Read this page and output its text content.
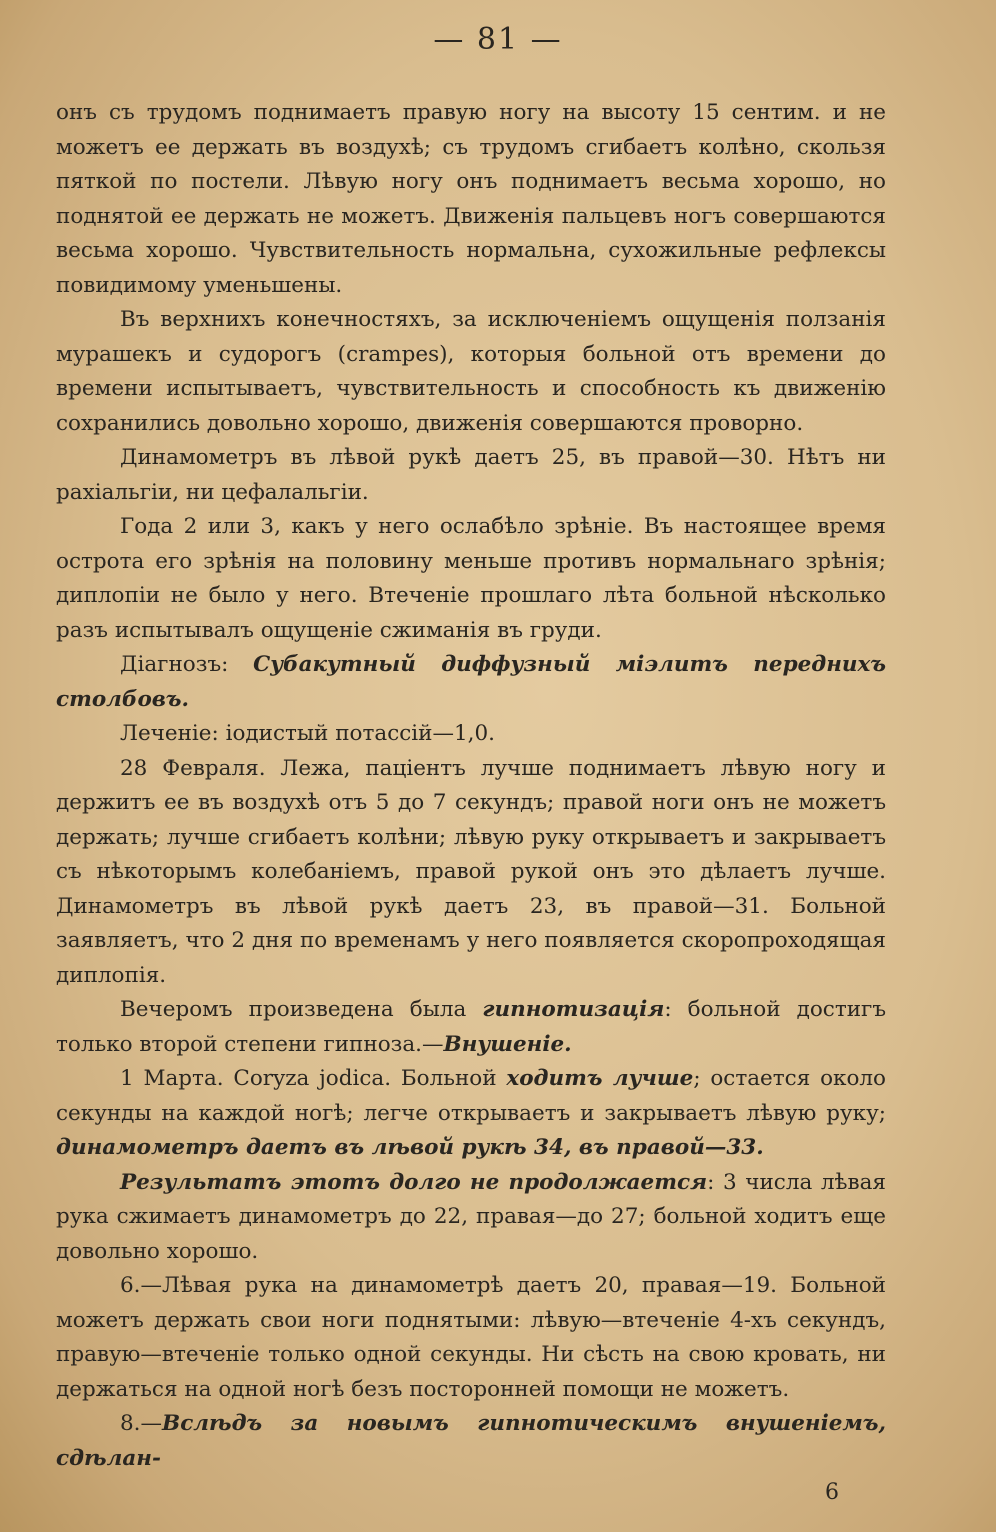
— 81 —

онъ съ трудомъ поднимаетъ правую ногу на высоту 15 сентим. и не можетъ ее держать въ воздухѣ; съ трудомъ сгибаетъ колѣно, скользя пяткой по постели. Лѣвую ногу онъ поднимаетъ весьма хорошо, но поднятой ее держать не можетъ. Движенія пальцевъ ногъ совершаются весьма хорошо. Чувствительность нормальна, сухожильные рефлексы повидимому уменьшены.

Въ верхнихъ конечностяхъ, за исключеніемъ ощущенія ползанія мурашекъ и судорогъ (crampes), которыя больной отъ времени до времени испытываетъ, чувствительность и способность къ движенію сохранились довольно хорошо, движенія совершаются проворно.

Динамометръ въ лѣвой рукѣ даетъ 25, въ правой—30. Нѣтъ ни рахіальгіи, ни цефалальгіи.

Года 2 или 3, какъ у него ослабѣло зрѣніе. Въ настоящее время острота его зрѣнія на половину меньше противъ нормальнаго зрѣнія; диплопіи не было у него. Втеченіе прошлаго лѣта больной нѣсколько разъ испытывалъ ощущеніе сжиманія въ груди.

Діагнозъ: Субакутный диффузный міэлитъ переднихъ столбовъ.

Леченіе: іодистый потассій—1,0.

28 Февраля. Лежа, паціентъ лучше поднимаетъ лѣвую ногу и держитъ ее въ воздухѣ отъ 5 до 7 секундъ; правой ноги онъ не можетъ держать; лучше сгибаетъ колѣни; лѣвую руку открываетъ и закрываетъ съ нѣкоторымъ колебаніемъ, правой рукой онъ это дѣлаетъ лучше. Динамометръ въ лѣвой рукѣ даетъ 23, въ правой—31. Больной заявляетъ, что 2 дня по временамъ у него появляется скоропроходящая диплопія.

Вечеромъ произведена была гипнотизація: больной достигъ только второй степени гипноза.—Внушеніе.

1 Марта. Coryza jodica. Больной ходитъ лучше; остается около секунды на каждой ногѣ; легче открываетъ и закрываетъ лѣвую руку; динамометръ даетъ въ лѣвой рукѣ 34, въ правой—33.

Результатъ этотъ долго не продолжается: 3 числа лѣвая рука сжимаетъ динамометръ до 22, правая—до 27; больной ходитъ еще довольно хорошо.

6.—Лѣвая рука на динамометрѣ даетъ 20, правая—19. Больной можетъ держать свои ноги поднятыми: лѣвую—втеченіе 4-хъ секундъ, правую—втеченіе только одной секунды. Ни сѣсть на свою кровать, ни держаться на одной ногѣ безъ посторонней помощи не можетъ.

8.—Вслѣдъ за новымъ гипнотическимъ внушеніемъ, сдѣлан-

6
